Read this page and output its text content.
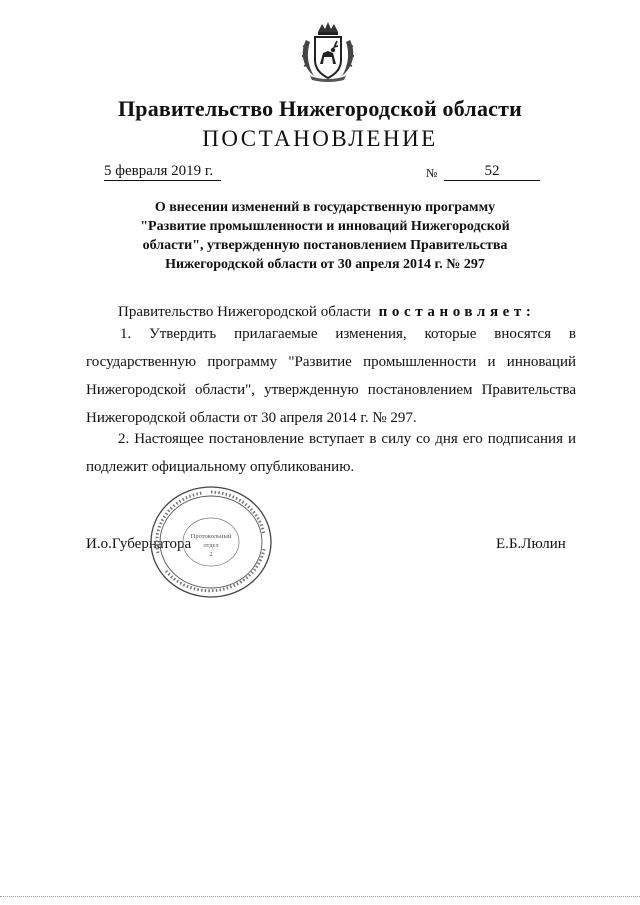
Правительство Нижегородской области
ПОСТАНОВЛЕНИЕ
5 февраля 2019 г.	№	52
О внесении изменений в государственную программу
"Развитие промышленности и инноваций Нижегородской
области", утвержденную постановлением Правительства
Нижегородской области от 30 апреля 2014 г. № 297
Правительство Нижегородской области постановляет:
1. Утвердить прилагаемые изменения, которые вносятся в государственную программу "Развитие промышленности и инноваций Нижегородской области", утвержденную постановлением Правительства Нижегородской области от 30 апреля 2014 г. № 297.
2. Настоящее постановление вступает в силу со дня его подписания и подлежит официальному опубликованию.
И.о.Губернатора	Е.Б.Люлин
Протокольный
отдел
2
